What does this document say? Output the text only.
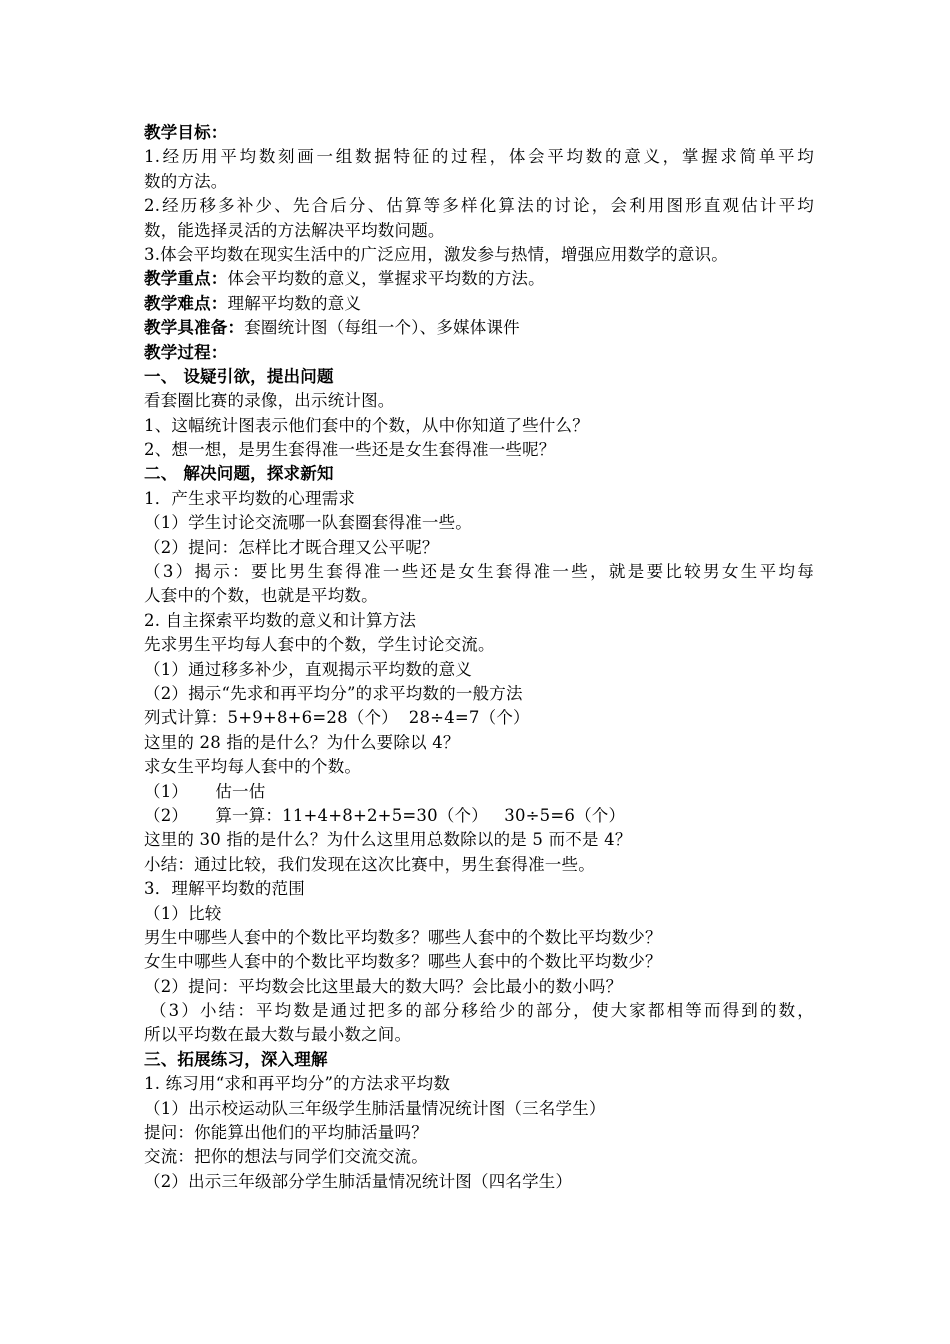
教学目标：
1.经历用平均数刻画一组数据特征的过程，体会平均数的意义，掌握求简单平均
数的方法。
2.经历移多补少、先合后分、估算等多样化算法的讨论，会利用图形直观估计平均
数，能选择灵活的方法解决平均数问题。
3.体会平均数在现实生活中的广泛应用，激发参与热情，增强应用数学的意识。
教学重点：体会平均数的意义，掌握求平均数的方法。
教学难点：理解平均数的意义
教学具准备：套圈统计图（每组一个）、多媒体课件
教学过程：
一、 设疑引欲，提出问题
看套圈比赛的录像，出示统计图。
1、这幅统计图表示他们套中的个数，从中你知道了些什么？
2、想一想，是男生套得准一些还是女生套得准一些呢？
二、 解决问题，探求新知
1．产生求平均数的心理需求
（1）学生讨论交流哪一队套圈套得准一些。
（2）提问：怎样比才既合理又公平呢？
（3）揭示：要比男生套得准一些还是女生套得准一些，就是要比较男女生平均每
人套中的个数，也就是平均数。
2. 自主探索平均数的意义和计算方法
先求男生平均每人套中的个数，学生讨论交流。
（1）通过移多补少，直观揭示平均数的意义
（2）揭示“先求和再平均分”的求平均数的一般方法
列式计算：5+9+8+6=28（个）  28÷4=7（个）
这里的 28 指的是什么？为什么要除以 4？
求女生平均每人套中的个数。
（1）     估一估
（2）     算一算：11+4+8+2+5=30（个）   30÷5=6（个）
这里的 30 指的是什么？为什么这里用总数除以的是 5 而不是 4？
小结：通过比较，我们发现在这次比赛中，男生套得准一些。
3．理解平均数的范围
（1）比较
男生中哪些人套中的个数比平均数多？哪些人套中的个数比平均数少？
女生中哪些人套中的个数比平均数多？哪些人套中的个数比平均数少？
（2）提问：平均数会比这里最大的数大吗？会比最小的数小吗？
（3）小结：平均数是通过把多的部分移给少的部分，使大家都相等而得到的数，
所以平均数在最大数与最小数之间。
三、拓展练习，深入理解
1. 练习用“求和再平均分”的方法求平均数
（1）出示校运动队三年级学生肺活量情况统计图（三名学生）
提问：你能算出他们的平均肺活量吗？
交流：把你的想法与同学们交流交流。
（2）出示三年级部分学生肺活量情况统计图（四名学生）
